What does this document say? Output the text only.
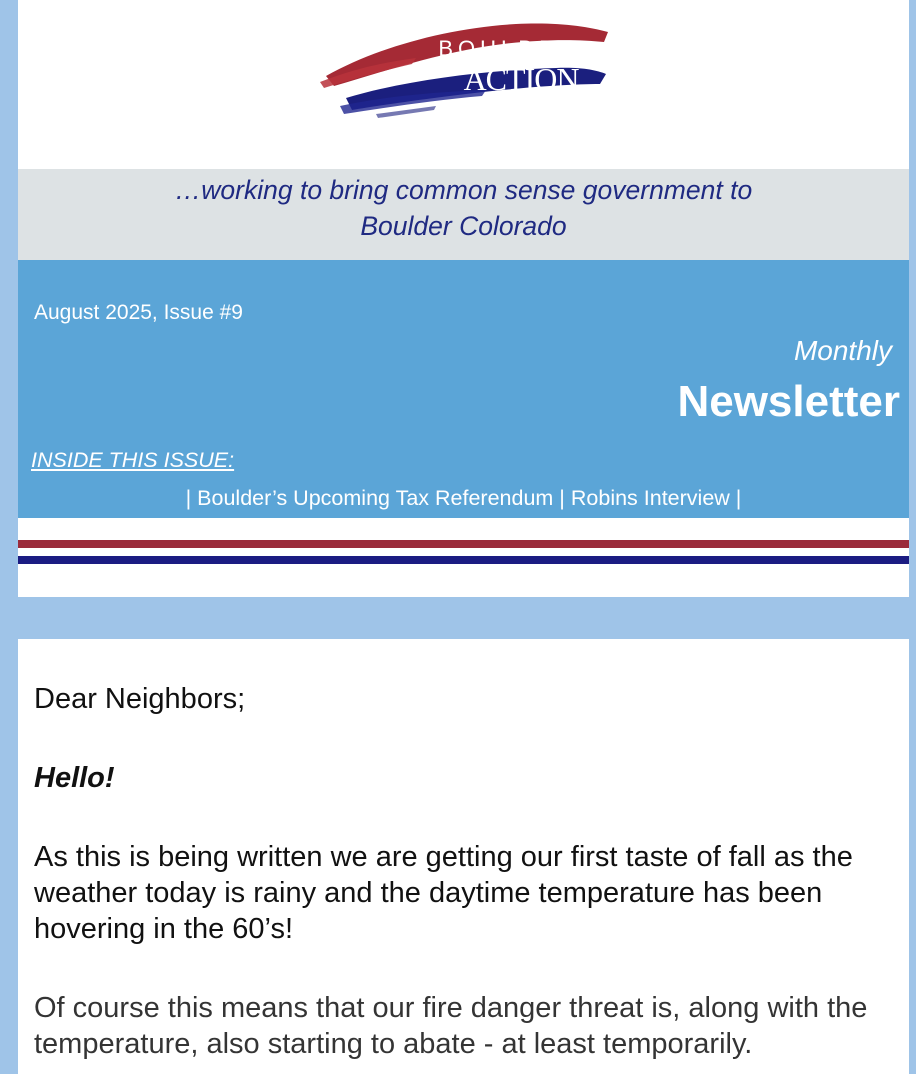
BOULDER
ACTION
…working to bring common sense government to
Boulder Colorado
August 2025, Issue #9
Monthly
Newsletter
INSIDE THIS ISSUE:
| Boulder’s Upcoming Tax Referendum | Robins Interview |

Dear Neighbors;

Hello!

As this is being written we are getting our first taste of fall as the weather today is rainy and the daytime temperature has been hovering in the 60’s!

Of course this means that our fire danger threat is, along with the temperature, also starting to abate - at least temporarily.
